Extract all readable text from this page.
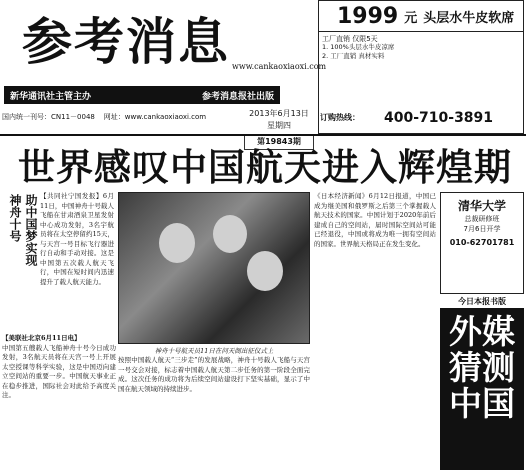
参考消息 www.cankaoxiaoxi.com
新华通讯社主管主办	参考消息报社出版
国内统一刊号：CN11－0048 网址：www.cankaoxiaoxi.com	2013年6月13日
星期四
第19843期
1999 元 头层水牛皮软席
工厂直销 仅限5天
1. 100%头层水牛皮凉席
2. 工厂直销 真材实料
订购热线： 400-710-3891
世界感叹中国航天进入辉煌期
神舟十号 助中国梦实现 【共同社宁国发报】6月11日，中国神舟十号载人飞船在甘肃酒泉卫星发射中心成功发射，3名宇航员将在太空停留约15天，与天宫一号目标飞行器进行自动和手动对接。这是中国第五次载人航天飞行，中国在短时间内迅速提升了载人航天能力。
神舟十号航天员11日在问天阁出征仪式上
【美联社北京6月11日电】
中国第五艘载人飞船神舟十号今日成功发射，3名航天员将在天宫一号上开展太空授课等科学实验，这是中国迈向建立空间站的重要一步。中国航天事业正在稳步推进，国际社会对此给予高度关注。
按照中国载人航天“三步走”的发展战略，神舟十号载人飞船与天宫一号交会对接，标志着中国载人航天第二步任务的第一阶段全面完成。这次任务的成功将为后续空间站建设打下坚实基础，显示了中国在航天领域的持续进步。
《日本经济新闻》6月12日报道，中国已成为继美国和俄罗斯之后第三个掌握载人航天技术的国家。中国计划于2020年前后建成自己的空间站，届时国际空间站可能已经退役，中国或将成为唯一拥有空间站的国家。世界航天格局正在发生变化。
清华大学
总裁研修班
7月6日开学
010-62701781
今日本报书版
外媒猜测中国
